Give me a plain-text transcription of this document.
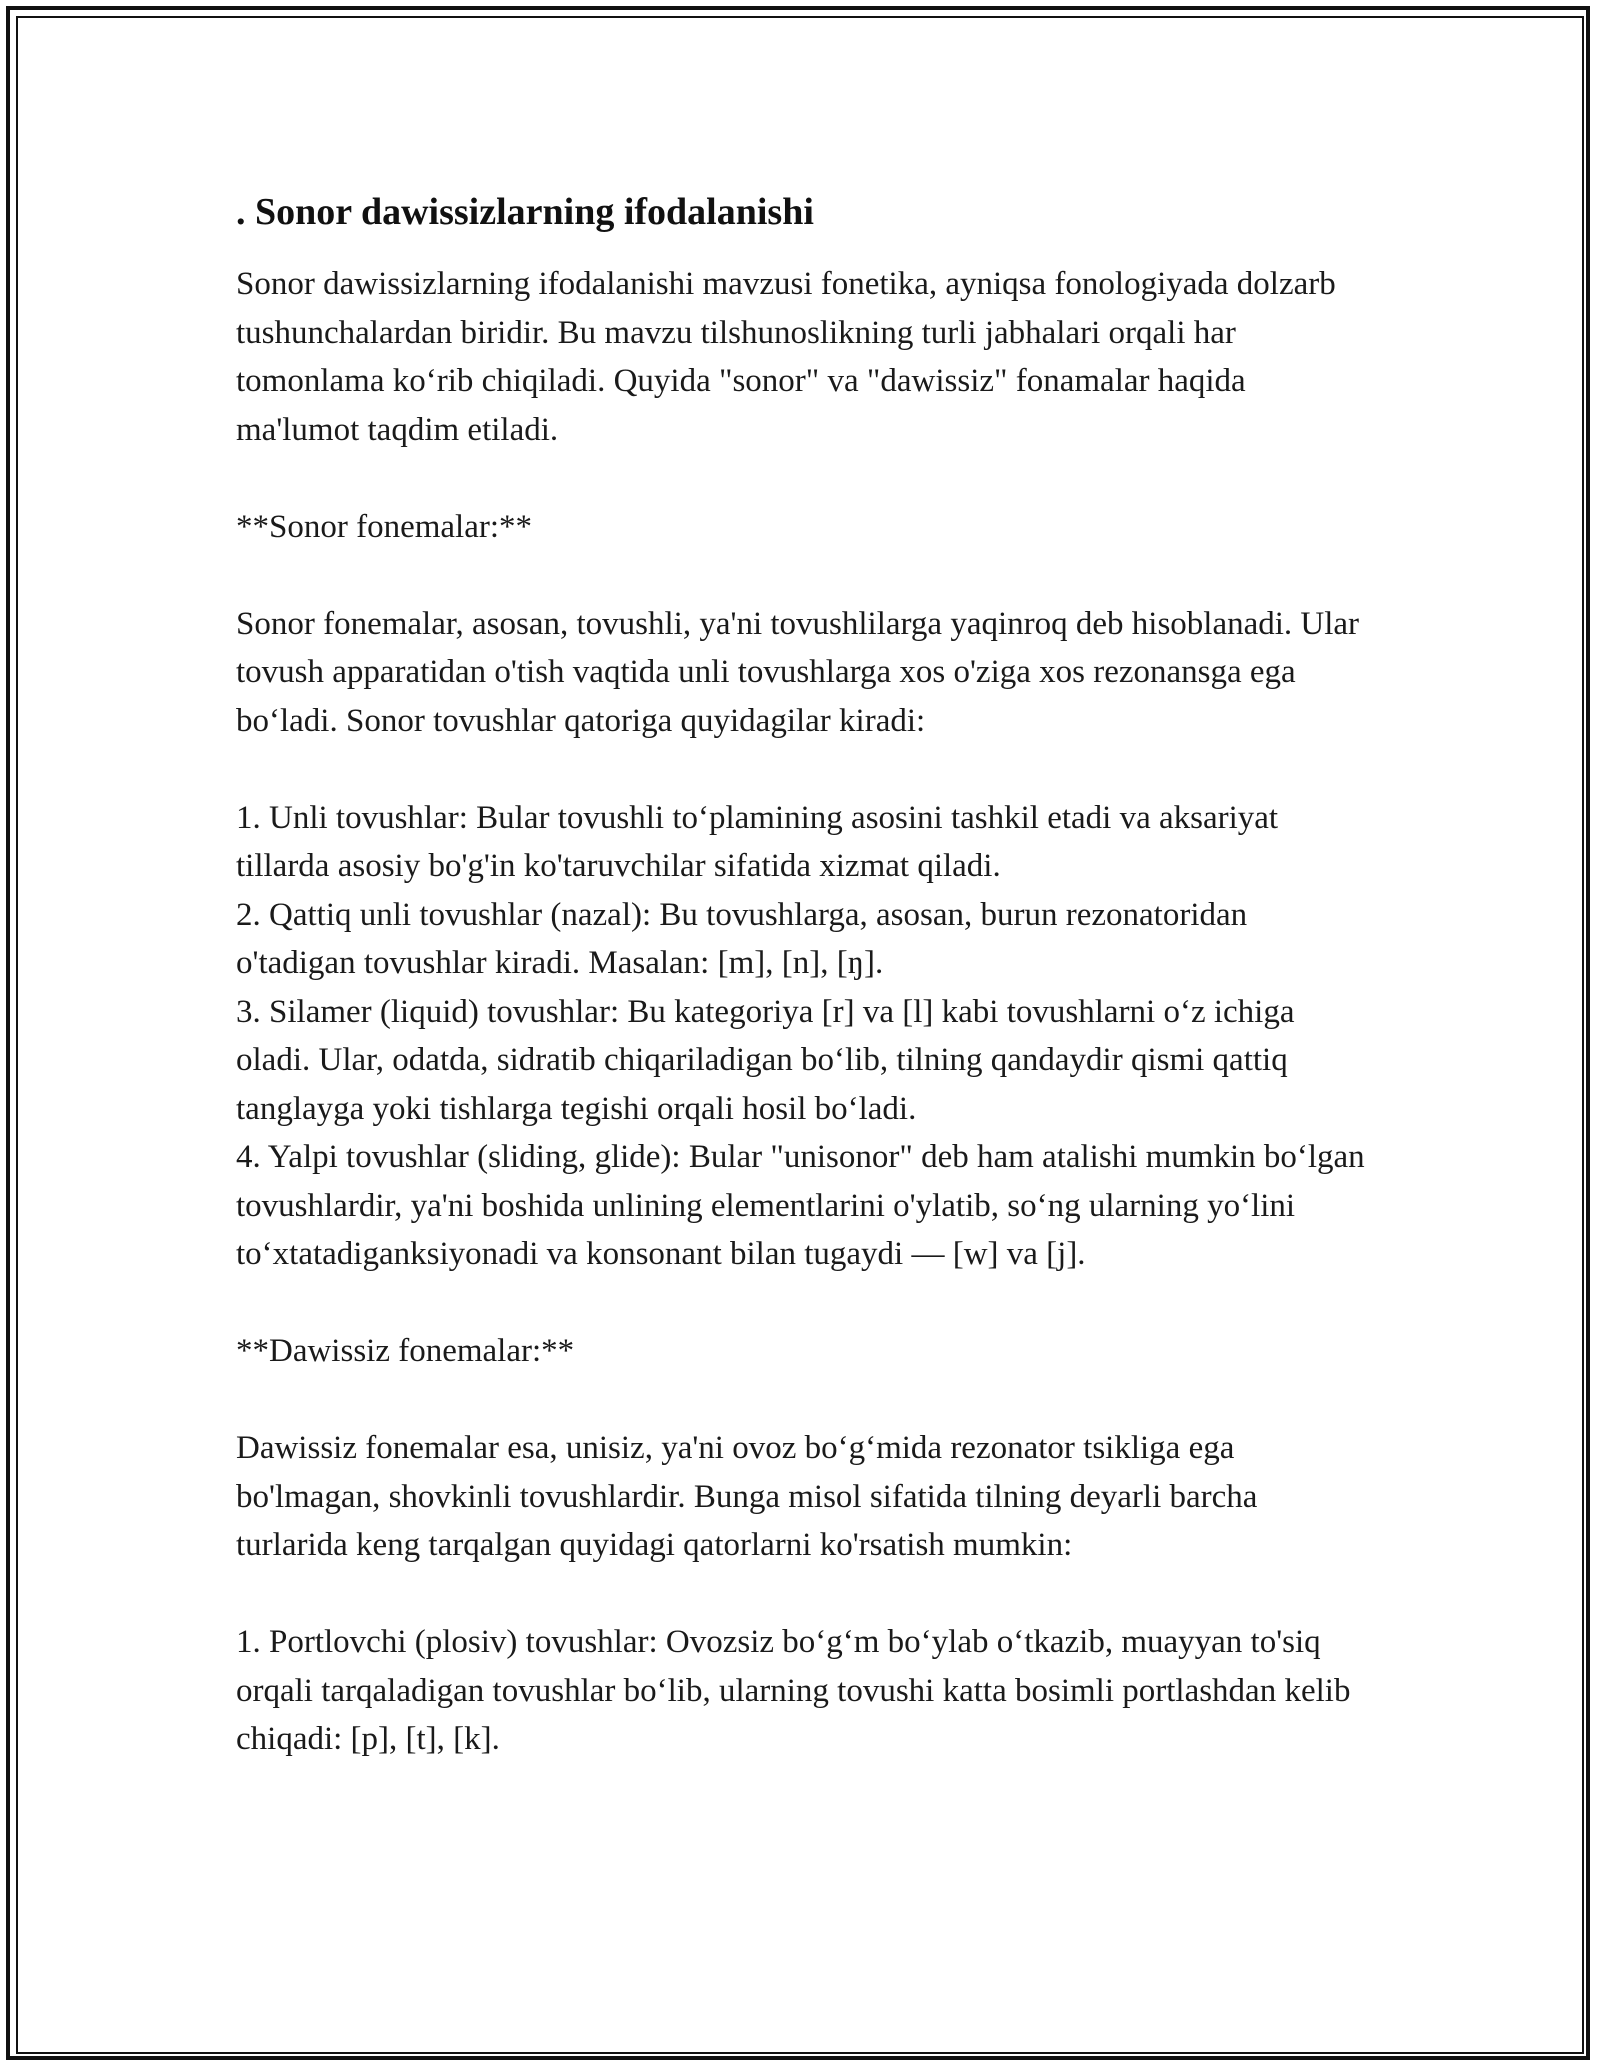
. Sonor dawissizlarning ifodalanishi
Sonor dawissizlarning ifodalanishi mavzusi fonetika, ayniqsa fonologiyada dolzarb tushunchalardan biridir. Bu mavzu tilshunoslikning turli jabhalari orqali har tomonlama koʻrib chiqiladi. Quyida "sonor" va "dawissiz" fonamalar haqida ma'lumot taqdim etiladi.
**Sonor fonemalar:**
Sonor fonemalar, asosan, tovushli, ya'ni tovushlilarga yaqinroq deb hisoblanadi. Ular tovush apparatidan o'tish vaqtida unli tovushlarga xos o'ziga xos rezonansga ega boʻladi. Sonor tovushlar qatoriga quyidagilar kiradi:
1. Unli tovushlar: Bular tovushli toʻplamining asosini tashkil etadi va aksariyat tillarda asosiy bo'g'in ko'taruvchilar sifatida xizmat qiladi.
2. Qattiq unli tovushlar (nazal): Bu tovushlarga, asosan, burun rezonatoridan o'tadigan tovushlar kiradi. Masalan: [m], [n], [ŋ].
3. Silamer (liquid) tovushlar: Bu kategoriya [r] va [l] kabi tovushlarni oʻz ichiga oladi. Ular, odatda, sidratib chiqariladigan boʻlib, tilning qandaydir qismi qattiq tanglayga yoki tishlarga tegishi orqali hosil boʻladi.
4. Yalpi tovushlar (sliding, glide): Bular "unisonor" deb ham atalishi mumkin boʻlgan tovushlardir, ya'ni boshida unlining elementlarini o'ylatib, soʻng ularning yoʻlini toʻxtatadiganksiyonadi va konsonant bilan tugaydi — [w] va [j].
**Dawissiz fonemalar:**
Dawissiz fonemalar esa, unisiz, ya'ni ovoz boʻgʻmida rezonator tsikliga ega bo'lmagan, shovkinli tovushlardir. Bunga misol sifatida tilning deyarli barcha turlarida keng tarqalgan quyidagi qatorlarni ko'rsatish mumkin:
1. Portlovchi (plosiv) tovushlar: Ovozsiz boʻgʻm boʻylab oʻtkazib, muayyan to'siq orqali tarqaladigan tovushlar boʻlib, ularning tovushi katta bosimli portlashdan kelib chiqadi: [p], [t], [k].
